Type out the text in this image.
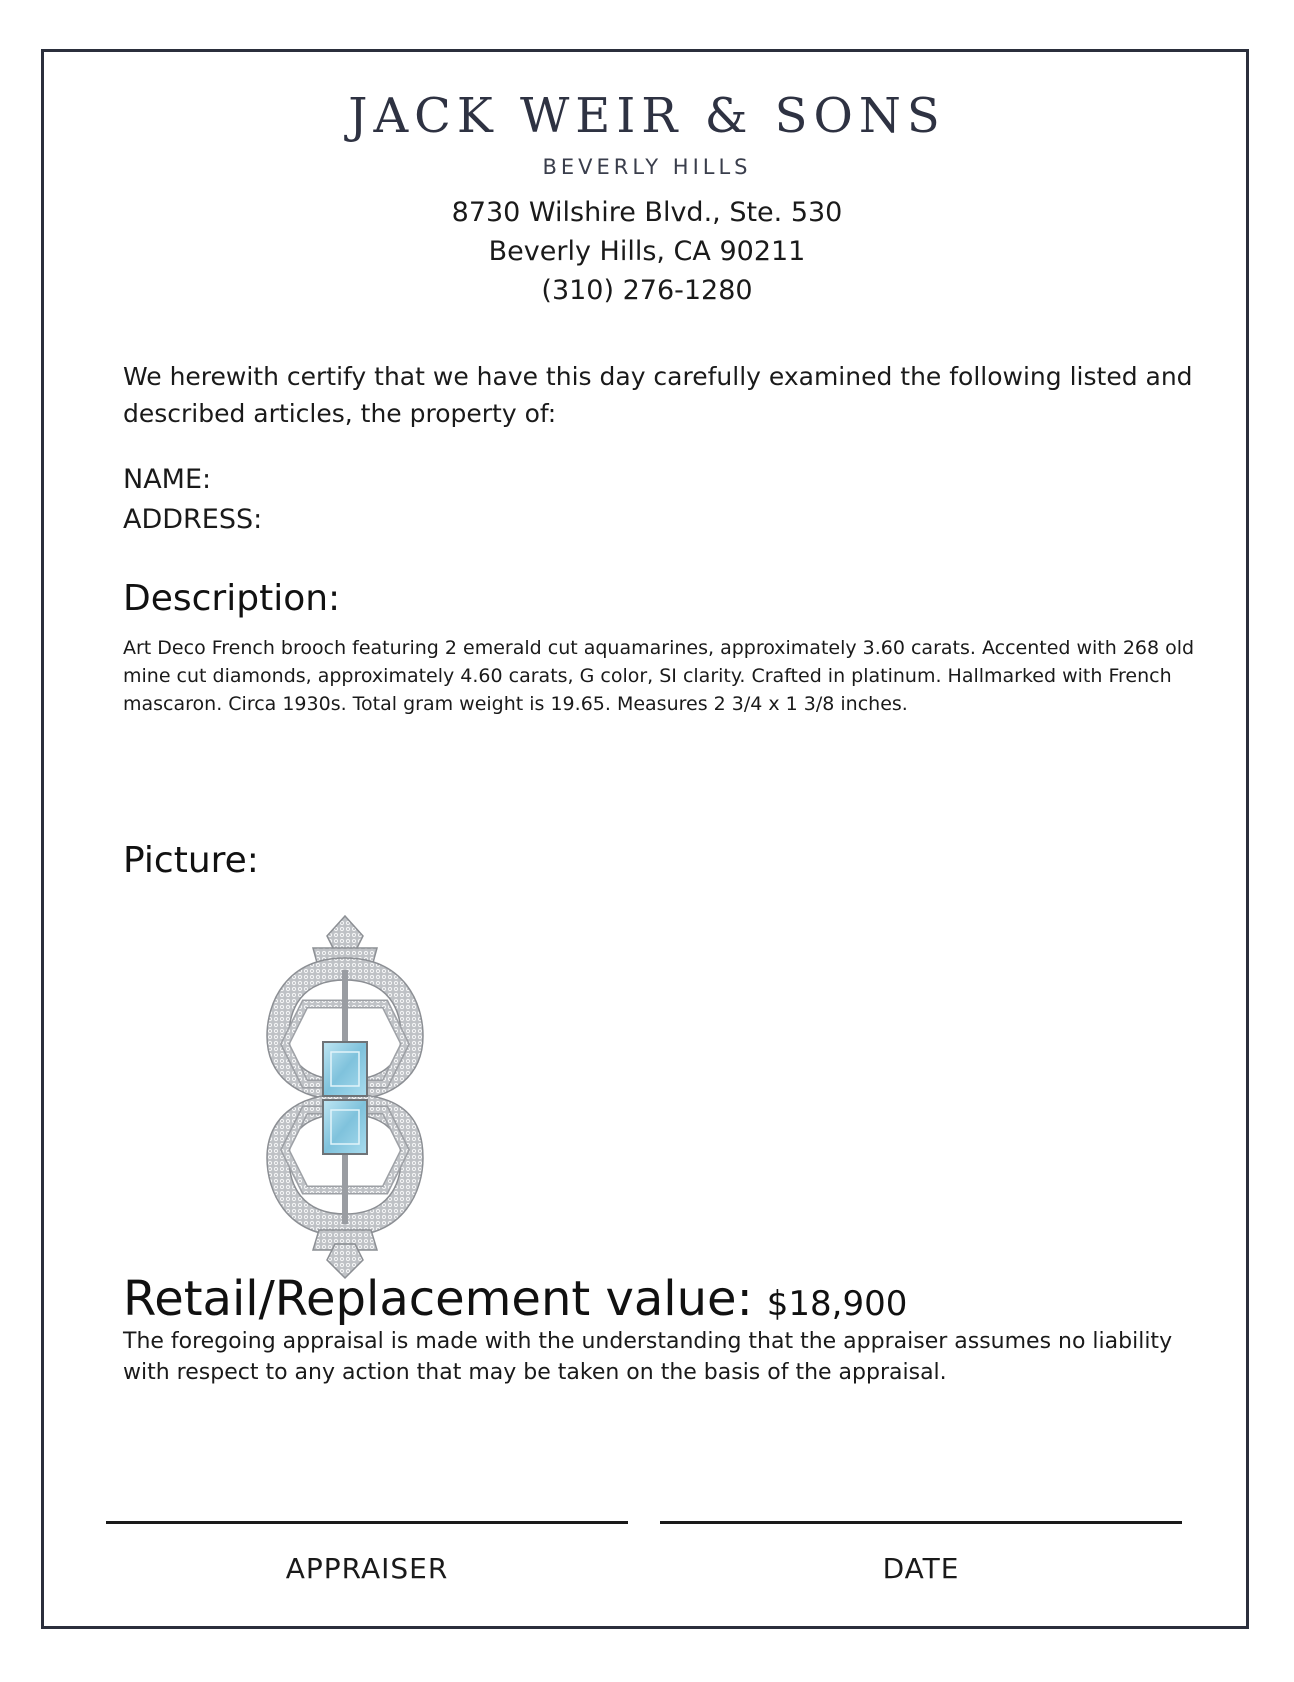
JACK WEIR & SONS
BEVERLY HILLS
8730 Wilshire Blvd., Ste. 530
Beverly Hills, CA 90211
(310) 276-1280
We herewith certify that we have this day carefully examined the following listed and described articles, the property of:
NAME:
ADDRESS:
Description:
Art Deco French brooch featuring 2 emerald cut aquamarines, approximately 3.60 carats. Accented with 268 old mine cut diamonds, approximately 4.60 carats, G color, SI clarity. Crafted in platinum. Hallmarked with French mascaron. Circa 1930s. Total gram weight is 19.65. Measures 2 3/4 x 1 3/8 inches.
Picture:
Retail/Replacement value: $18,900
The foregoing appraisal is made with the understanding that the appraiser assumes no liability with respect to any action that may be taken on the basis of the appraisal.
APPRAISER	DATE
